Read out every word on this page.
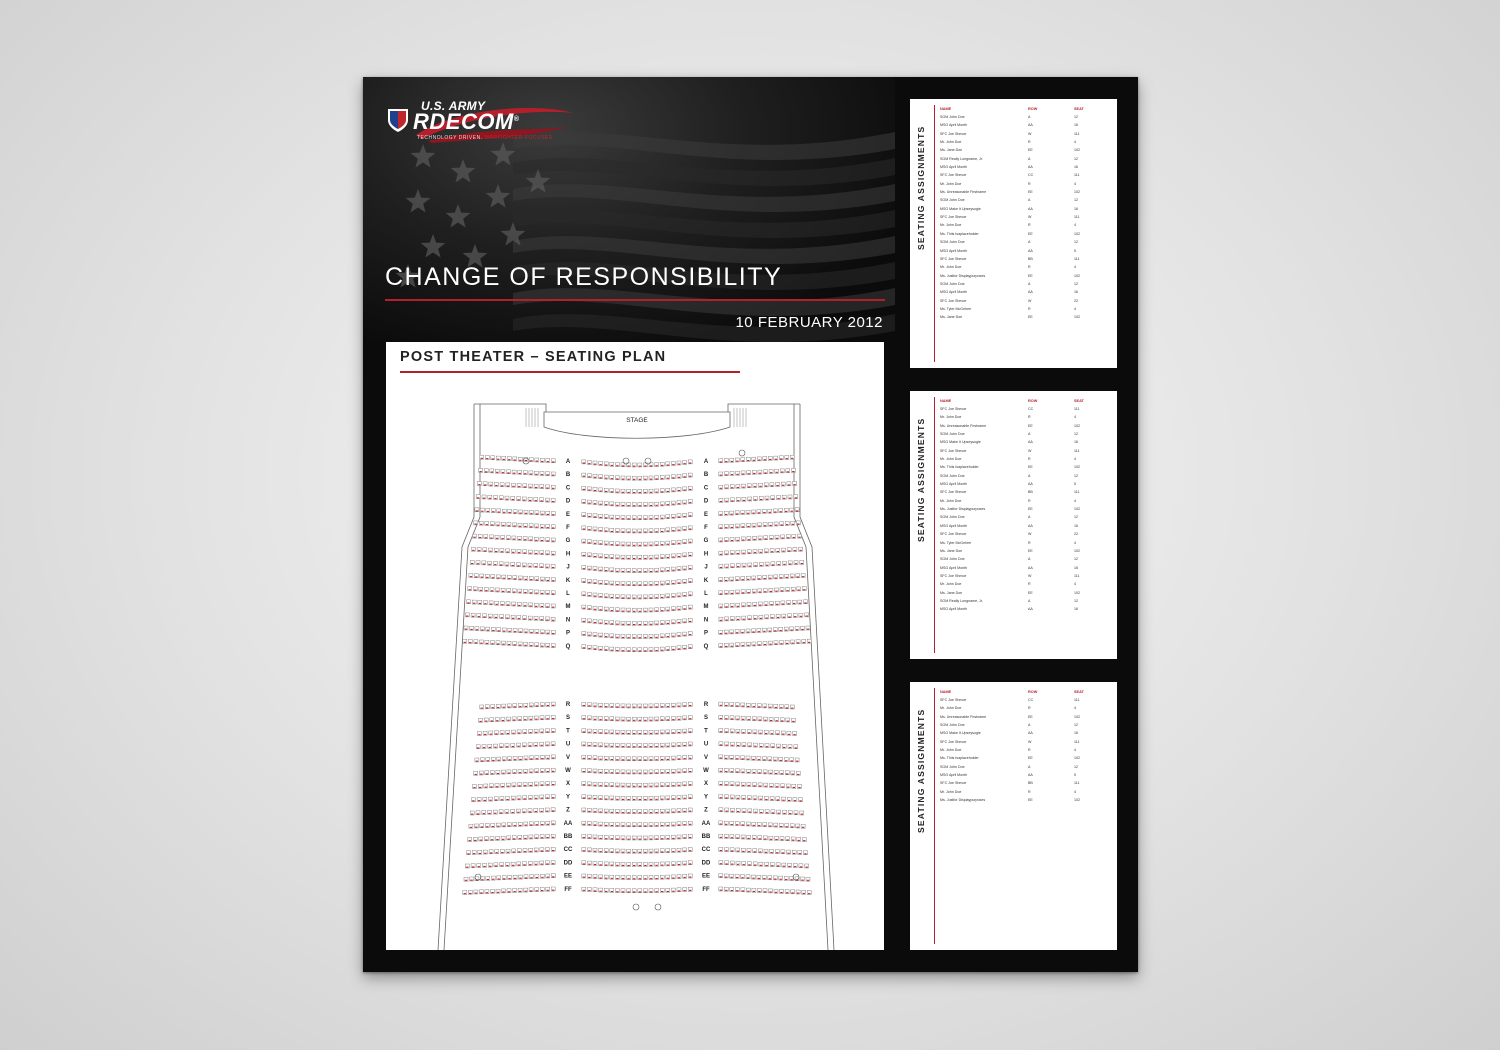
U.S. ARMY
RDECOM®
TECHNOLOGY DRIVEN. WARFIGHTER FOCUSED.
CHANGE OF RESPONSIBILITY
10 FEBRUARY 2012
STAGE
A	A
B	B
C	C
D	D
E	E
F	F
G	G
H	H
J	J
K	K
L	L
M	M
N	N
P	P
Q	Q
R	R
S	S
T	T
U	U
V	V
W	W
X	X
Y	Y
Z	Z
AA	AA
BB	BB
CC	CC
DD	DD
EE	EE
FF	FF
POST THEATER – SEATING PLAN
SEATING ASSIGNMENTS
NAME	ROW	SEAT
SGM John Doe	A	12
MSG April Month	AA	16
SFC Joe Shmoe	W	111
Mr. John Doe	R	4
Ms. Jane Doe	EE	102
SGM Really Longname, Jr.	A	12
MSG April Month	AA	16
SFC Joe Shmoe	CC	111
Mr. John Doe	R	4
Ms. Unreasonable Firstname	EE	102
SGM John Doe	A	12
MSG Make It Upseysugie	AA	16
SFC Joe Shmoe	W	111
Mr. John Doe	R	4
Ms. Thiis Isaplaceholder	EE	102
SGM John Doe	A	12
MSG April Month	AA	5
SFC Joe Shmoe	BB	111
Mr. John Doe	R	4
Ms. Justfor Displaypurposes	EE	102
SGM John Doe	A	12
MSG April Month	AA	16
SFC Joe Shmoe	W	22
Ms. Tyler McGehee	R	4
Ms. Jane Doe	EE	102
SEATING ASSIGNMENTS
NAME	ROW	SEAT
SFC Joe Shmoe	CC	111
Mr. John Doe	R	4
Ms. Unreasonable Firstname	EE	102
SGM John Doe	A	12
MSG Make It Upseysugie	AA	16
SFC Joe Shmoe	W	111
Mr. John Doe	R	4
Ms. Thiis Isaplaceholder	EE	102
SGM John Doe	A	12
MSG April Month	AA	5
SFC Joe Shmoe	BB	111
Mr. John Doe	R	4
Ms. Justfor Displaypurposes	EE	102
SGM John Doe	A	12
MSG April Month	AA	16
SFC Joe Shmoe	W	22
Ms. Tyler McGehee	R	4
Ms. Jane Doe	EE	102
SGM John Doe	A	12
MSG April Month	AA	16
SFC Joe Shmoe	W	111
Mr. John Doe	R	4
Ms. Jane Doe	EE	102
SGM Really Longname, Jr.	A	12
MSG April Month	AA	16
SEATING ASSIGNMENTS
NAME	ROW	SEAT
SFC Joe Shmoe	CC	111
Mr. John Doe	R	4
Ms. Unreasonable Firstname	EE	102
SGM John Doe	A	12
MSG Make It Upseysugie	AA	16
SFC Joe Shmoe	W	111
Mr. John Doe	R	4
Ms. Thiis Isaplaceholder	EE	102
SGM John Doe	A	12
MSG April Month	AA	5
SFC Joe Shmoe	BB	111
Mr. John Doe	R	4
Ms. Justfor Displaypurposes	EE	102
